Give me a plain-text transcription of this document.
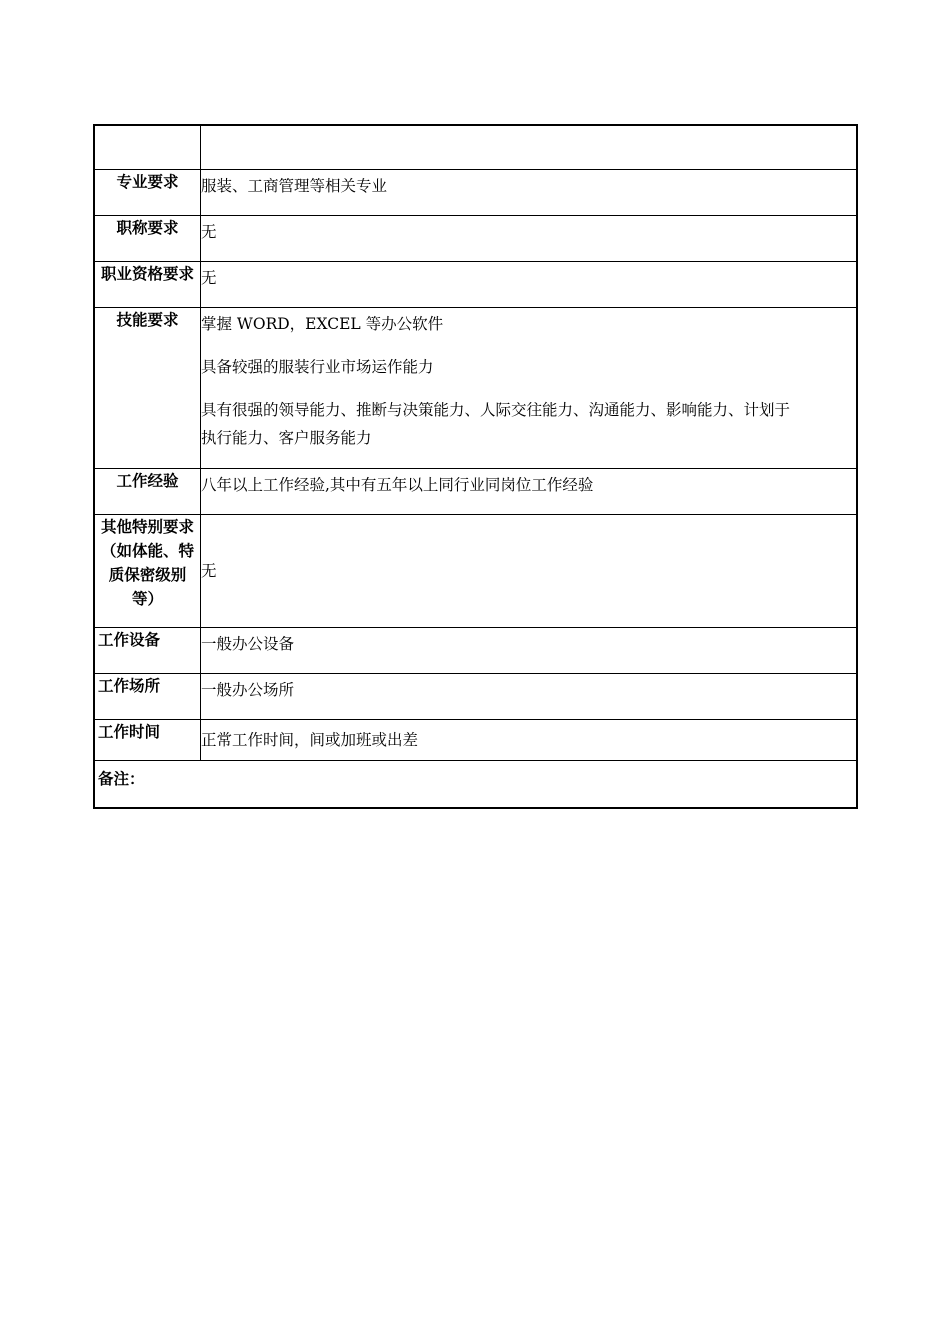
专业要求	服装、工商管理等相关专业
职称要求	无
职业资格要求	无
技能要求	掌握 WORD，EXCEL 等办公软件
具备较强的服装行业市场运作能力
具有很强的领导能力、推断与决策能力、人际交往能力、沟通能力、影响能力、计划于
执行能力、客户服务能力

工作经验	八年以上工作经验,其中有五年以上同行业同岗位工作经验

其他特别要求
（如体能、特
质保密级别
等）	无
工作设备	一般办公设备
工作场所	一般办公场所
工作时间	正常工作时间，间或加班或出差
备注：	
